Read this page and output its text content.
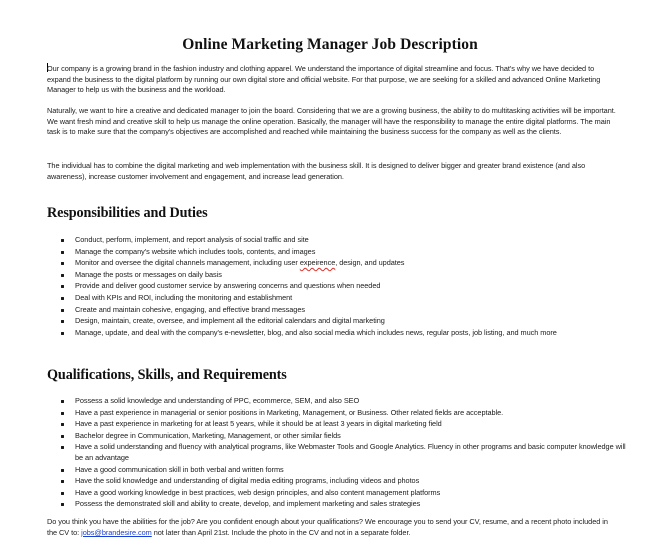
Online Marketing Manager Job Description

Our company is a growing brand in the fashion industry and clothing apparel. We understand the importance of digital streamline and focus. That's why we have decided to expand the business to the digital platform by running our own digital store and official website. For that purpose, we are seeking for a skilled and advanced Online Marketing Manager to help us with the business and the workload.

Naturally, we want to hire a creative and dedicated manager to join the board. Considering that we are a growing business, the ability to do multitasking activities will be important. We want fresh mind and creative skill to help us manage the online operation. Basically, the manager will have the responsibility to manage the entire digital platforms. The main task is to make sure that the company's objectives are accomplished and reached while maintaining the business success for the company as well as the clients.

The individual has to combine the digital marketing and web implementation with the business skill. It is designed to deliver bigger and greater brand existence (and also awareness), increase customer involvement and engagement, and increase lead generation.

Responsibilities and Duties
Conduct, perform, implement, and report analysis of social traffic and site
Manage the company's website which includes tools, contents, and images
Monitor and oversee the digital channels management, including user expeirence, design, and updates
Manage the posts or messages on daily basis
Provide and deliver good customer service by answering concerns and questions when needed
Deal with KPIs and ROI, including the monitoring and establishment
Create and maintain cohesive, engaging, and effective brand messages
Design, maintain, create, oversee, and implement all the editorial calendars and digital marketing
Manage, update, and deal with the company's e-newsletter, blog, and also social media which includes news, regular posts, job listing, and much more
Qualifications, Skills, and Requirements
Possess a solid knowledge and understanding of PPC, ecommerce, SEM, and also SEO
Have a past experience in managerial or senior positions in Marketing, Management, or Business. Other related fields are acceptable.
Have a past experience in marketing for at least 5 years, while it should be at least 3 years in digital marketing field
Bachelor degree in Communication, Marketing, Management, or other similar fields
Have a solid understanding and fluency with analytical programs, like Webmaster Tools and Google Analytics. Fluency in other programs and basic computer knowledge will be an advantage
Have a good communication skill in both verbal and written forms
Have the solid knowledge and understanding of digital media editing programs, including videos and photos
Have a good working knowledge in best practices, web design principles, and also content management platforms
Possess the demonstrated skill and ability to create, develop, and implement marketing and sales strategies

Do you think you have the abilities for the job? Are you confident enough about your qualifications? We encourage you to send your CV, resume, and a recent photo included in the CV to: jobs@brandesire.com not later than April 21st. Include the photo in the CV and not in a separate folder.
